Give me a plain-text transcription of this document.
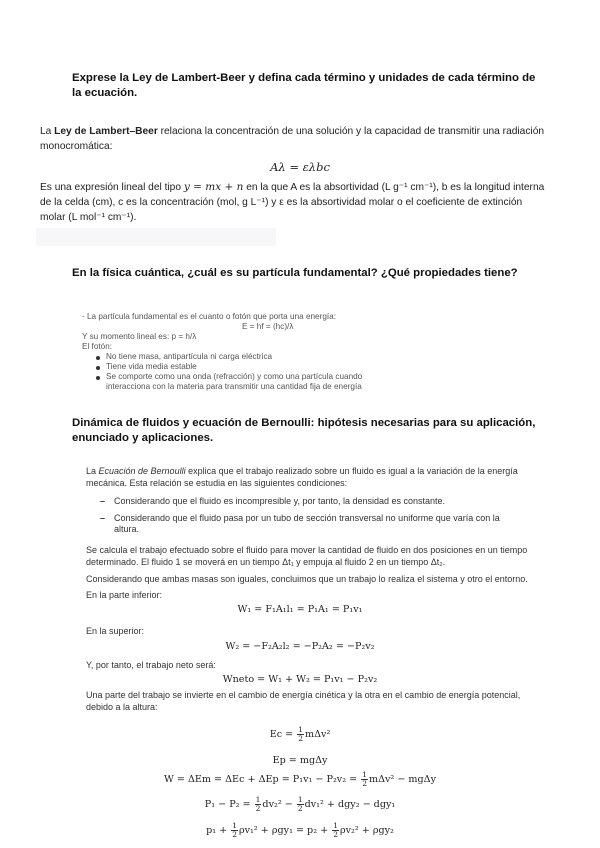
Exprese la Ley de Lambert-Beer y defina cada término y unidades de cada término de
la ecuación.
La Ley de Lambert–Beer relaciona la concentración de una solución y la capacidad de transmitir una radiación
monocromática:
Aλ = ελbc
Es una expresión lineal del tipo y = mx + n en la que A es la absortividad (L g⁻¹ cm⁻¹), b es la longitud interna
de la celda (cm), c es la concentración (mol, g L⁻¹) y ε es la absortividad molar o el coeficiente de extinción
molar (L mol⁻¹ cm⁻¹).
En la física cuántica, ¿cuál es su partícula fundamental? ¿Qué propiedades tiene?
- La partícula fundamental es el cuanto o fotón que porta una energía:
E = hf = (hc)/λ
Y su momento lineal es: p = h/λ
El fotón:
No tiene masa, antipartícula ni carga eléctrica
Tiene vida media estable
Se comporte como una onda (refracción) y como una partícula cuando
interacciona con la materia para transmitir una cantidad fija de energía
Dinámica de fluidos y ecuación de Bernoulli: hipótesis necesarias para su aplicación,
enunciado y aplicaciones.
La Ecuación de Bernoulli explica que el trabajo realizado sobre un fluido es igual a la variación de la energía
mecánica. Esta relación se estudia en las siguientes condiciones:
– Considerando que el fluido es incompresible y, por tanto, la densidad es constante.
– Considerando que el fluido pasa por un tubo de sección transversal no uniforme que varía con la
altura.
Se calcula el trabajo efectuado sobre el fluido para mover la cantidad de fluido en dos posiciones en un tiempo
determinado. El fluido 1 se moverá en un tiempo Δt₁ y empuja al fluido 2 en un tiempo Δt₂.
Considerando que ambas masas son iguales, concluimos que un trabajo lo realiza el sistema y otro el entorno.
En la parte inferior:
W₁ = F₁A₁l₁ = P₁A₁ = P₁v₁
En la superior:
W₂ = −F₂A₂l₂ = −P₂A₂ = −P₂v₂
Y, por tanto, el trabajo neto será:
Wneto = W₁ + W₂ = P₁v₁ − P₂v₂
Una parte del trabajo se invierte en el cambio de energía cinética y la otra en el cambio de energía potencial,
debido a la altura:
$Ec = \frac{1}{2} m\Delta v^2$
Ep = mgΔy
$W = \Delta Em = \Delta Ec + \Delta Ep = P_1v_1 - P_2v_2 = \frac{1}{2} m\Delta v^2 - mg\Delta y$
$P_1 - P_2 = \frac{1}{2} dv_2^2 - \frac{1}{2} dv_1^2 + dgy_2 - dgy_1$
$p_1 + \frac{1}{2} \rho v_1^2 + \rho gy_1 = p_2 + \frac{1}{2} \rho v_2^2 + \rho gy_2$
